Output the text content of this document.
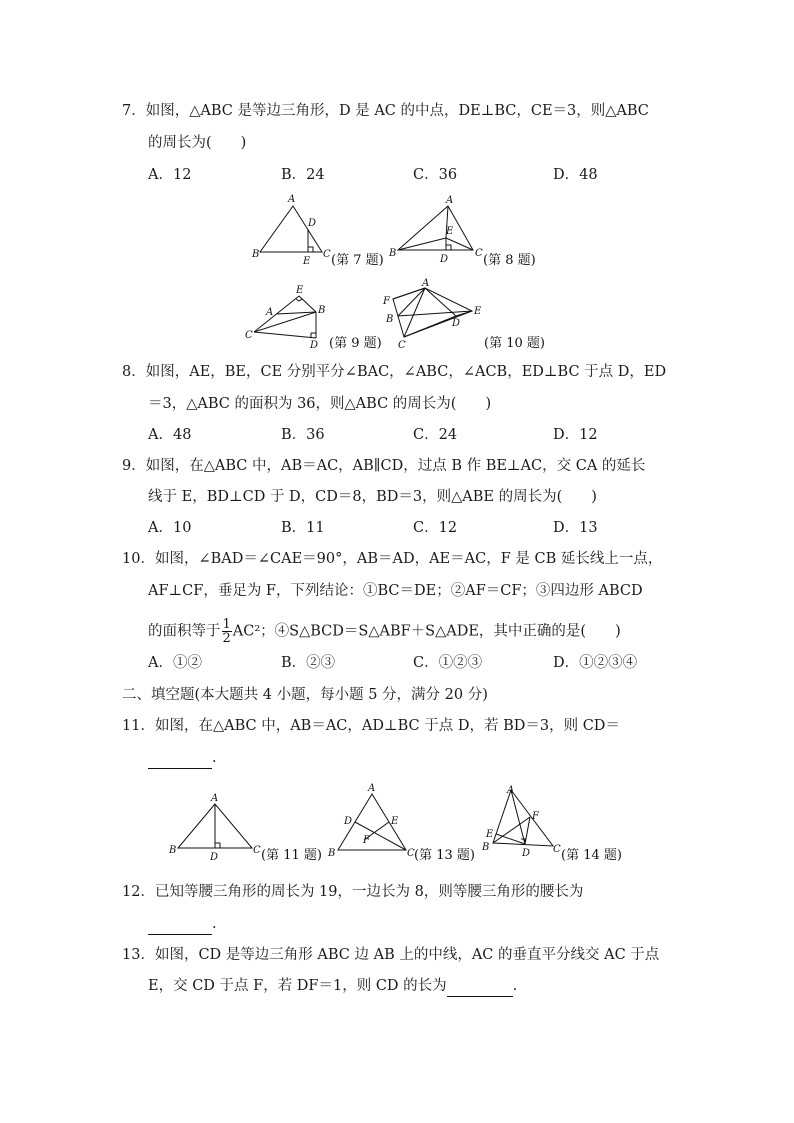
7．如图，△ABC 是等边三角形，D 是 AC 的中点，DE⊥BC，CE＝3，则△ABC
的周长为(　　)
A．12	B．24	C．36	D．48
A
B	C
D
E (第 7 题)
A
B	C
D
E
(第 8 题)
E
A	B
C
D (第 9 题)
A
F
B
C
D
E
(第 10 题)
8．如图，AE，BE，CE 分别平分∠BAC，∠ABC，∠ACB，ED⊥BC 于点 D，ED
＝3，△ABC 的面积为 36，则△ABC 的周长为(　　)
A．48	B．36	C．24	D．12
9．如图，在△ABC 中，AB＝AC，AB∥CD，过点 B 作 BE⊥AC，交 CA 的延长
线于 E，BD⊥CD 于 D，CD＝8，BD＝3，则△ABE 的周长为(　　)
A．10	B．11	C．12	D．13
10．如图，∠BAD＝∠CAE＝90°，AB＝AD，AE＝AC，F 是 CB 延长线上一点，
AF⊥CF，垂足为 F，下列结论：①BC＝DE；②AF＝CF；③四边形 ABCD
的面积等于 $\frac{1}{2} AC^2$；④S△BCD＝S△ABF＋S△ADE，其中正确的是(　　)
A．①②	B．②③	C．①②③	D．①②③④
二、填空题(本大题共 4 小题，每小题 5 分，满分 20 分)
11．如图，在△ABC 中，AB＝AC，AD⊥BC 于点 D，若 BD＝3，则 CD＝
.
A
B	C
D	(第 11 题)
A
B	C
D	E
F
(第 13 题)
A
B	C
D
E
F
(第 14 题)
12．已知等腰三角形的周长为 19，一边长为 8，则等腰三角形的腰长为
.
13．如图，CD 是等边三角形 ABC 边 AB 上的中线，AC 的垂直平分线交 AC 于点
E，交 CD 于点 F，若 DF＝1，则 CD 的长为	.
